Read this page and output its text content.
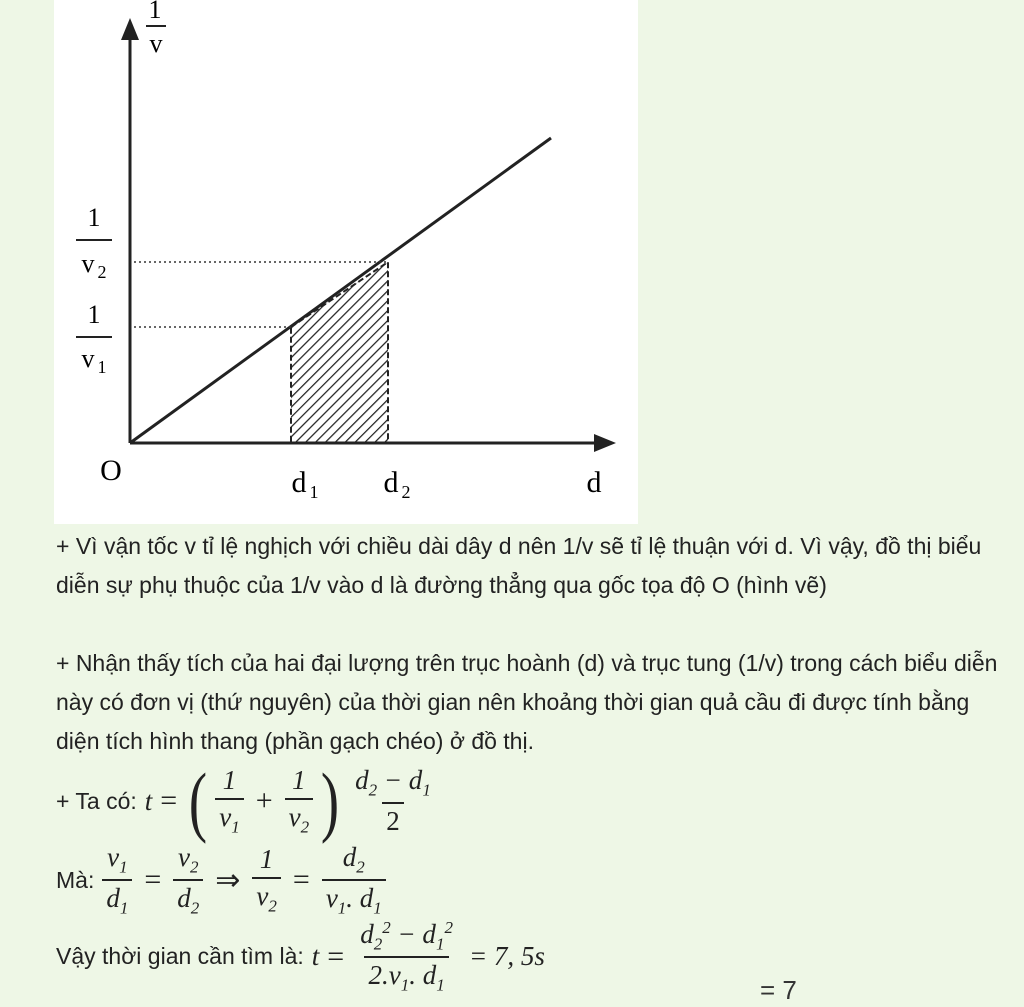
1
v
1
v 2
1
v 1
O	d 1 d 2	d

+ Vì vận tốc v tỉ lệ nghịch với chiều dài dây d nên 1/v sẽ tỉ lệ thuận với d. Vì vậy, đồ thị biểu diễn sự phụ thuộc của 1/v vào d là đường thẳng qua gốc tọa độ O (hình vẽ)

+ Nhận thấy tích của hai đại lượng trên trục hoành (d) và trục tung (1/v) trong cách biểu diễn này có đơn vị (thứ nguyên) của thời gian nên khoảng thời gian quả cầu đi được tính bằng diện tích hình thang (phần gạch chéo) ở đồ thị.

+ Ta có: t = ( $\frac{1}{v_1} + \frac{1}{v_2}$ ) $\frac{d_2 - d_1}{2}$
Mà: $\frac{v_1}{d_1} = \frac{v_2}{d_2}$ ⇒ $\frac{1}{v_2} = \frac{d_2}{v_1. d_1}$
Vậy thời gian cần tìm là: $t = \frac{d_2^2 - d_1^2}{2.v_1. d_1} = 7$, 5s
= 7
